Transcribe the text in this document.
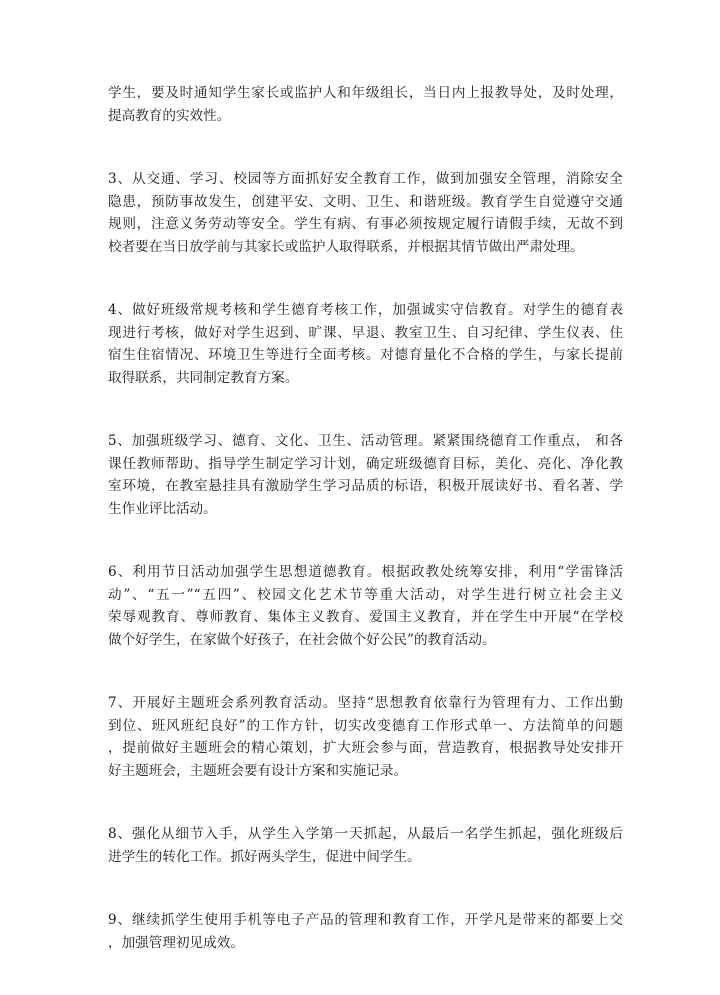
学生，要及时通知学生家长或监护人和年级组长，当日内上报教导处，及时处理，
提高教育的实效性。
3、从交通、学习、校园等方面抓好安全教育工作，做到加强安全管理，消除安全
隐患，预防事故发生，创建平安、文明、卫生、和谐班级。教育学生自觉遵守交通
规则，注意义务劳动等安全。学生有病、有事必须按规定履行请假手续，无故不到
校者要在当日放学前与其家长或监护人取得联系，并根据其情节做出严肃处理。
4、做好班级常规考核和学生德育考核工作，加强诚实守信教育。对学生的德育表
现进行考核，做好对学生迟到、旷课、早退、教室卫生、自习纪律、学生仪表、住
宿生住宿情况、环境卫生等进行全面考核。对德育量化不合格的学生，与家长提前
取得联系，共同制定教育方案。
5、加强班级学习、德育、文化、卫生、活动管理。紧紧围绕德育工作重点， 和各
课任教师帮助、指导学生制定学习计划，确定班级德育目标，美化、亮化、净化教
室环境，在教室悬挂具有激励学生学习品质的标语，积极开展读好书、看名著、学
生作业评比活动。
6、利用节日活动加强学生思想道德教育。根据政教处统筹安排，利用“学雷锋活
动”、“五一”“五四”、校园文化艺术节等重大活动，对学生进行树立社会主义
荣辱观教育、尊师教育、集体主义教育、爱国主义教育，并在学生中开展“在学校
做个好学生，在家做个好孩子，在社会做个好公民”的教育活动。
7、开展好主题班会系列教育活动。坚持“思想教育依靠行为管理有力、工作出勤
到位、班风班纪良好”的工作方针，切实改变德育工作形式单一、方法简单的问题
，提前做好主题班会的精心策划，扩大班会参与面，营造教育，根据教导处安排开
好主题班会，主题班会要有设计方案和实施记录。
8、强化从细节入手，从学生入学第一天抓起，从最后一名学生抓起，强化班级后
进学生的转化工作。抓好两头学生，促进中间学生。
9、继续抓学生使用手机等电子产品的管理和教育工作，开学凡是带来的都要上交
，加强管理初见成效。
